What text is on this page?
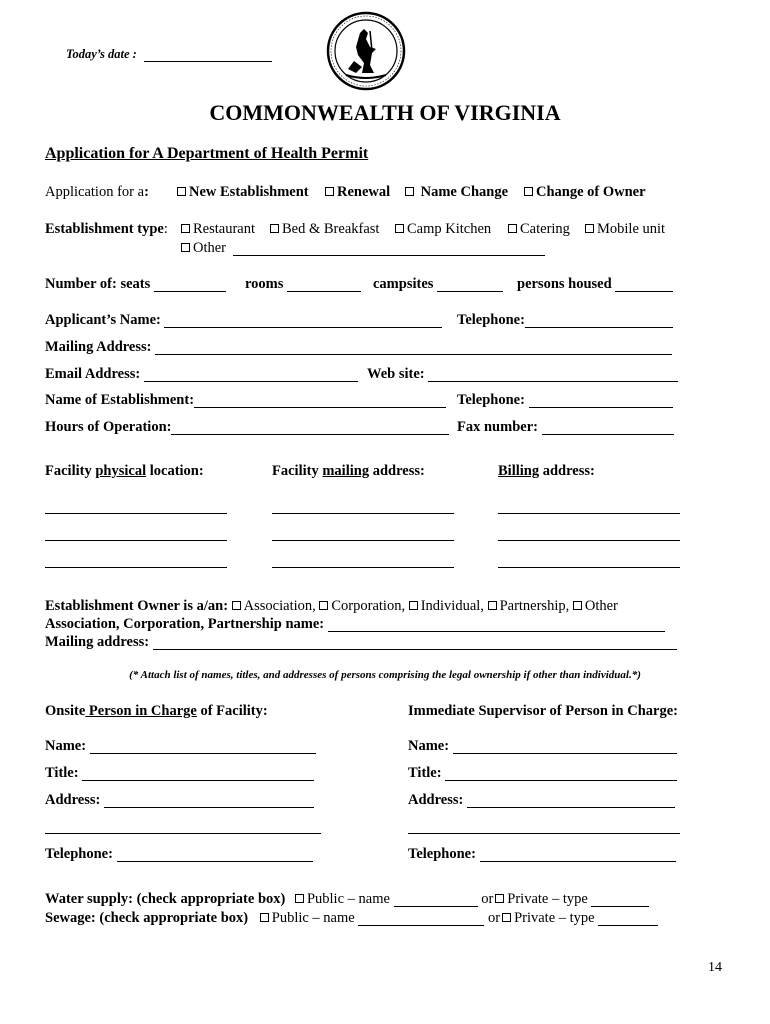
Today’s date :
COMMONWEALTH OF VIRGINIA
Application for A Department of Health Permit
Application for a:	New Establishment	Renewal	Name Change	Change of Owner
Establishment type:	Restaurant	Bed & Breakfast	Camp Kitchen	Catering	Mobile unit
Other
Number of: seats	rooms	campsites	persons housed
Applicant’s Name:	Telephone:
Mailing Address:
Email Address:	Web site:
Name of Establishment:	Telephone:
Hours of Operation:	Fax number:
Facility physical location:	Facility mailing address:	Billing address:
Establishment Owner is a/an: Association, Corporation, Individual, Partnership, Other
Association, Corporation, Partnership name:
Mailing address:
(* Attach list of names, titles, and addresses of persons comprising the legal ownership if other than individual.*)
Onsite Person in Charge of Facility:	Immediate Supervisor of Person in Charge:
Name:	Name:
Title:	Title:
Address:	Address:
Telephone:	Telephone:
Water supply: (check appropriate box) Public – name	or Private – type
Sewage: (check appropriate box) Public – name	or Private – type
14
